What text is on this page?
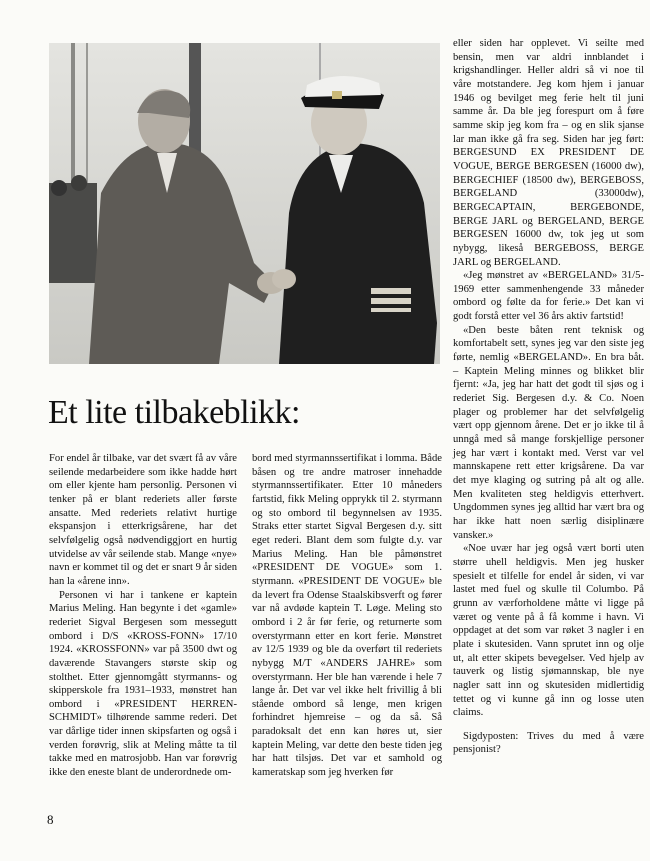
Et lite tilbakeblikk:

For endel år tilbake, var det svært få av våre seilende medarbeidere som ikke hadde hørt om eller kjente ham personlig. Personen vi tenker på er blant rederiets aller første ansatte. Med rederiets relativt hurtige ekspansjon i etterkrigsårene, har det selvfølgelig også nødvendiggjort en hurtig utvidelse av vår seilende stab. Mange «nye» navn er kommet til og det er snart 9 år siden han la «årene inn».

Personen vi har i tankene er kaptein Marius Meling. Han begynte i det «gamle» rederiet Sigval Bergesen som messegutt ombord i D/S «KROSS-FONN» 17/10 1924. «KROSSFONN» var på 3500 dwt og daværende Stavangers største skip og stolthet. Etter gjennomgått styrmanns- og skipperskole fra 1931–1933, mønstret han ombord i «PRESIDENT HERREN-SCHMIDT» tilhørende samme rederi. Det var dårlige tider innen skipsfarten og også i verden forøvrig, slik at Meling måtte ta til takke med en matrosjobb. Han var forøvrig ikke den eneste blant de underordnede om-

bord med styrmannssertifikat i lomma. Både båsen og tre andre matroser innehadde styrmannssertifikater. Etter 10 måneders fartstid, fikk Meling opprykk til 2. styrmann og sto ombord til begynnelsen av 1935. Straks etter startet Sigval Bergesen d.y. sitt eget rederi. Blant dem som fulgte d.y. var Marius Meling. Han ble påmønstret «PRESIDENT DE VOGUE» som 1. styrmann. «PRESIDENT DE VOGUE» ble da levert fra Odense Staalskibsverft og fører var nå avdøde kaptein T. Løge. Meling sto ombord i 2 år før ferie, og returnerte som overstyrmann etter en kort ferie. Mønstret av 12/5 1939 og ble da overført til rederiets nybygg M/T «ANDERS JAHRE» som overstyrmann. Her ble han værende i hele 7 lange år. Det var vel ikke helt frivillig å bli stående ombord så lenge, men krigen forhindret hjemreise – og da så. Så paradoksalt det enn kan høres ut, sier kaptein Meling, var dette den beste tiden jeg har hatt tilsjøs. Det var et samhold og kameratskap som jeg hverken før

eller siden har opplevet. Vi seilte med bensin, men var aldri innblandet i krigshandlinger. Heller aldri så vi noe til våre motstandere. Jeg kom hjem i januar 1946 og bevilget meg ferie helt til juni samme år. Da ble jeg forespurt om å føre samme skip jeg kom fra – og en slik sjanse lar man ikke gå fra seg. Siden har jeg ført: BERGESUND EX PRESIDENT DE VOGUE, BERGE BERGESEN (16000 dw), BERGECHIEF (18500 dw), BERGEBOSS, BERGELAND (33000dw), BERGECAPTAIN, BERGEBONDE, BERGE JARL og BERGELAND, BERGE BERGESEN 16000 dw, tok jeg ut som nybygg, likeså BERGEBOSS, BERGE JARL og BERGELAND.

«Jeg mønstret av «BERGELAND» 31/5-1969 etter sammenhengende 33 måneder ombord og følte da for ferie.» Det kan vi godt forstå etter vel 36 års aktiv fartstid!

«Den beste båten rent teknisk og komfortabelt sett, synes jeg var den siste jeg førte, nemlig «BERGELAND». En bra båt. – Kaptein Meling minnes og blikket blir fjernt: «Ja, jeg har hatt det godt til sjøs og i rederiet Sig. Bergesen d.y. & Co. Noen plager og problemer har det selvfølgelig vært opp gjennom årene. Det er jo ikke til å unngå med så mange forskjellige personer jeg har vært i kontakt med. Verst var vel mannskapene rett etter krigsårene. Da var det mye klaging og sutring på alt og alle. Men kvaliteten steg heldigvis etterhvert. Ungdommen synes jeg alltid har vært bra og har ikke hatt noen særlig disiplinære vansker.»

«Noe uvær har jeg også vært borti uten større uhell heldigvis. Men jeg husker spesielt et tilfelle for endel år siden, vi var lastet med fuel og skulle til Columbo. På grunn av værforholdene måtte vi ligge på været og vente på å få komme i havn. Vi oppdaget at det som var røket 3 nagler i en plate i skutesiden. Vann sprutet inn og olje ut, alt etter skipets bevegelser. Ved hjelp av tauverk og listig sjømannskap, ble nye nagler satt inn og skutesiden midlertidig tettet og vi kunne gå inn og losse uten claims.

Sigdyposten: Trives du med å være pensjonist?

8
